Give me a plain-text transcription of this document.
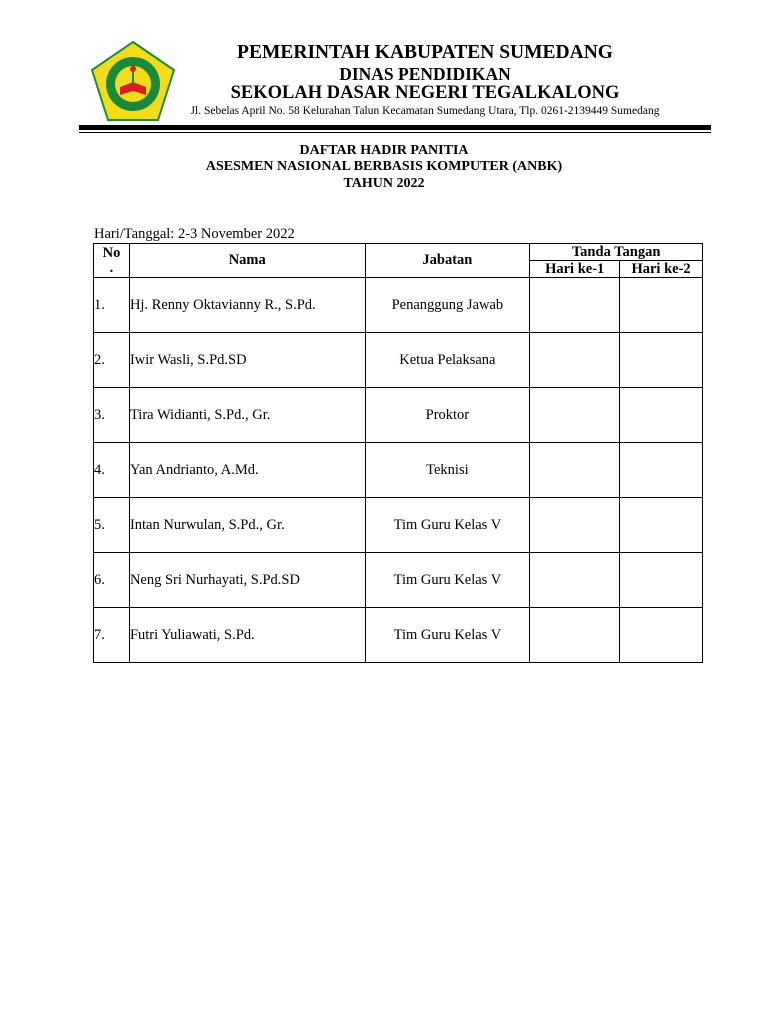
PEMERINTAH KABUPATEN SUMEDANG
DINAS PENDIDIKAN
SEKOLAH DASAR NEGERI TEGALKALONG
Jl. Sebelas April No. 58 Kelurahan Talun Kecamatan Sumedang Utara, Tlp. 0261-2139449 Sumedang
DAFTAR HADIR PANITIA
ASESMEN NASIONAL BERBASIS KOMPUTER (ANBK)
TAHUN 2022
Hari/Tanggal: 2-3 November 2022
No
.	Nama	Jabatan	Tanda Tangan	
			Hari ke-1	Hari ke-2
1.	Hj. Renny Oktavianny R., S.Pd.	Penanggung Jawab		
2.	Iwir Wasli, S.Pd.SD	Ketua Pelaksana		
3.	Tira Widianti, S.Pd., Gr.	Proktor		
4.	Yan Andrianto, A.Md.	Teknisi		
5.	Intan Nurwulan, S.Pd., Gr.	Tim Guru Kelas V		
6.	Neng Sri Nurhayati, S.Pd.SD	Tim Guru Kelas V		
7.	Futri Yuliawati, S.Pd.	Tim Guru Kelas V		
